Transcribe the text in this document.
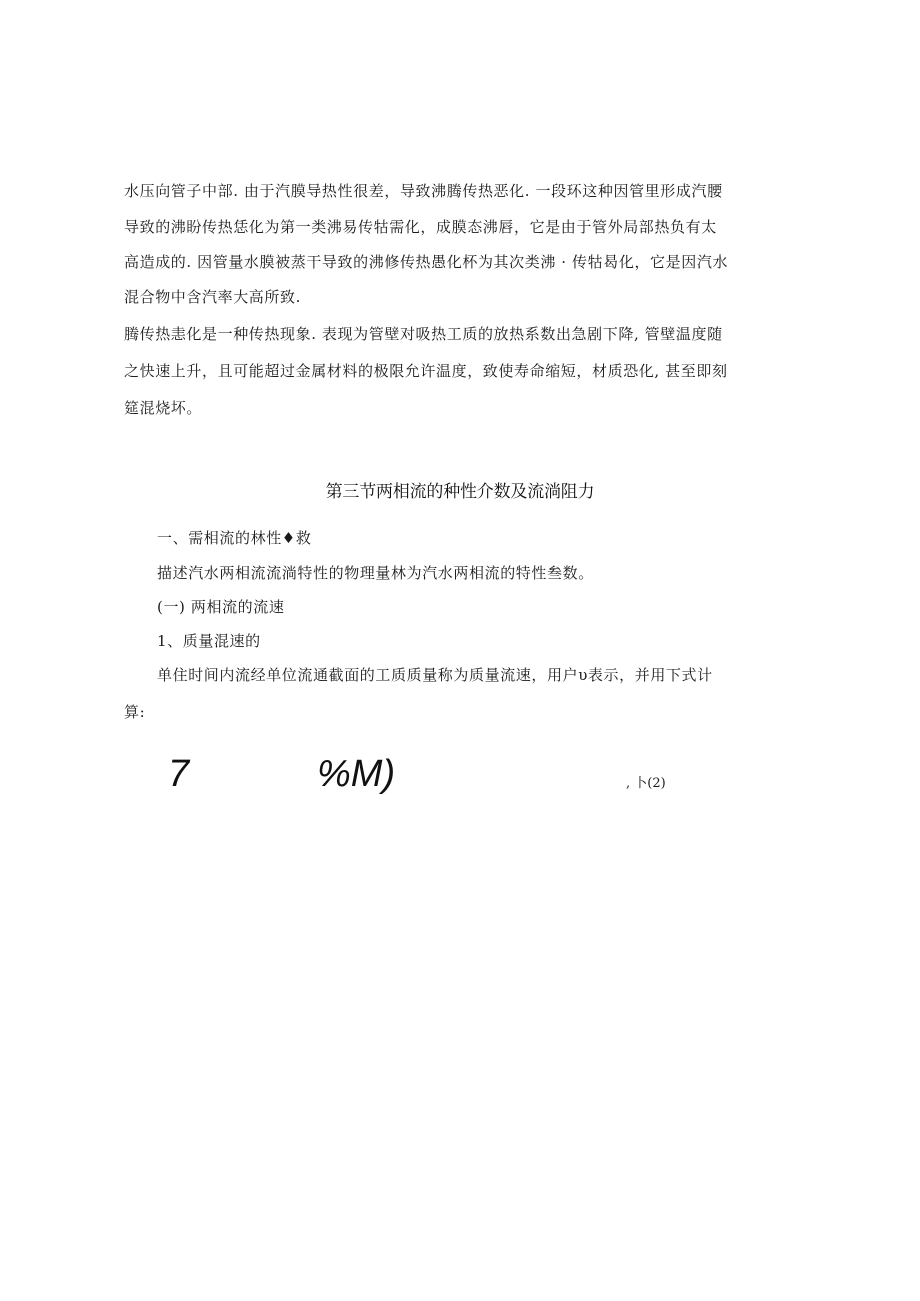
水压向管子中部. 由于汽膜导热性很差，导致沸腾传热恶化. 一段环这种因管里形成汽腰
导致的沸盼传热恁化为第一类沸易传牯需化，成膜态沸唇，它是由于管外局部热负有太
高造成的. 因管量水膜被蒸干导致的沸修传热愚化杯为其次类沸 · 传牯曷化，它是因汽水
混合物中含汽率大高所致.
腾传热恚化是一种传热现象. 表现为管壁对吸热工质的放热系数出急剧下降, 管壁温度随
之快速上升，且可能超过金属材料的极限允许温度，致使寿命缩短，材质恐化, 甚至即刻
筵混烧坏。
第三节两相流的种性介数及流淌阻力
一、需相流的林性♦救
描述汽水两相流流淌特性的物理量林为汽水两相流的特性叁数。
(一) 两相流的流速
1、质量混速的
单住时间内流经单位流通截面的工质质量称为质量流速，用户υ表示，并用下式计
算:
7	%M)	, 卜(2)
